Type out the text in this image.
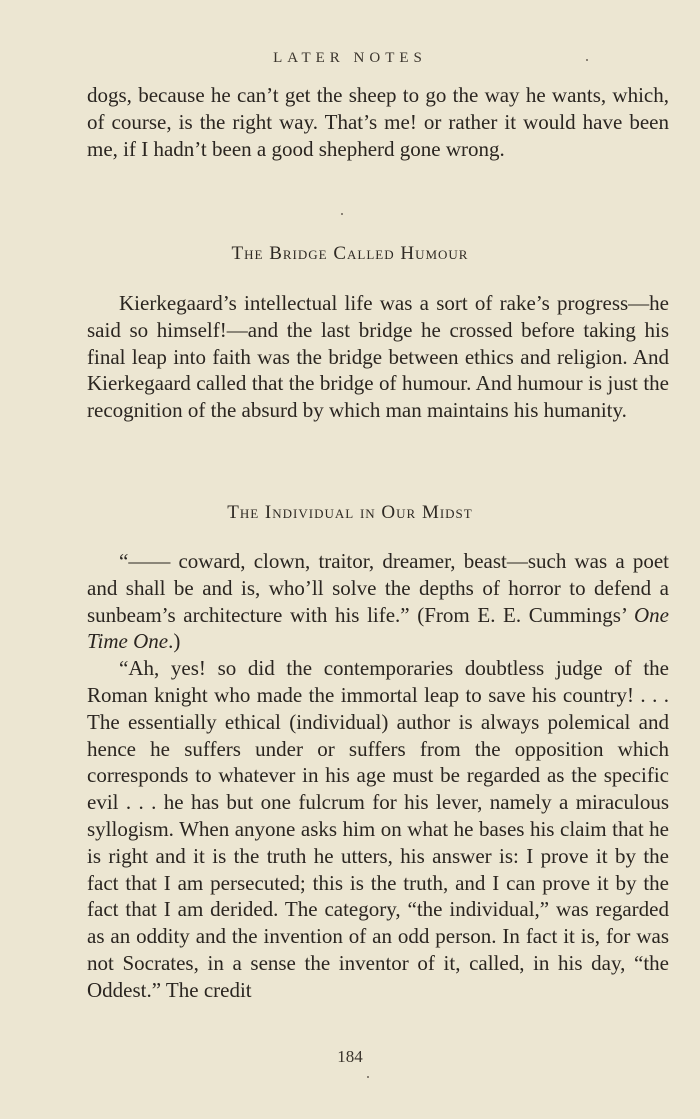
LATER NOTES

dogs, because he can’t get the sheep to go the way he wants, which, of course, is the right way. That’s me! or rather it would have been me, if I hadn’t been a good shepherd gone wrong.

The Bridge Called Humour

Kierkegaard’s intellectual life was a sort of rake’s progress—he said so himself!—and the last bridge he crossed before taking his final leap into faith was the bridge between ethics and religion. And Kierkegaard called that the bridge of humour. And humour is just the recognition of the absurd by which man maintains his humanity.

The Individual in Our Midst

“—— coward, clown, traitor, dreamer, beast—such was a poet and shall be and is, who’ll solve the depths of horror to defend a sunbeam’s architecture with his life.” (From E. E. Cummings’ One Time One.)

“Ah, yes! so did the contemporaries doubtless judge of the Roman knight who made the immortal leap to save his country! . . . The essentially ethical (individual) author is always polemical and hence he suffers under or suffers from the opposition which corresponds to whatever in his age must be regarded as the specific evil . . . he has but one fulcrum for his lever, namely a miraculous syllogism. When anyone asks him on what he bases his claim that he is right and it is the truth he utters, his answer is: I prove it by the fact that I am persecuted; this is the truth, and I can prove it by the fact that I am derided. The category, “the individual,” was regarded as an oddity and the invention of an odd person. In fact it is, for was not Socrates, in a sense the inventor of it, called, in his day, “the Oddest.” The credit

184
